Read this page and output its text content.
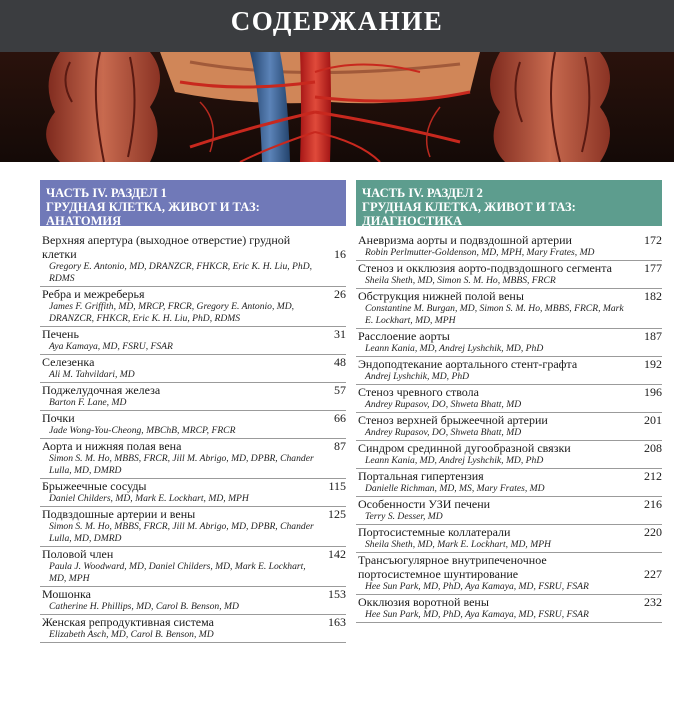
СОДЕРЖАНИЕ
ЧАСТЬ IV. РАЗДЕЛ 1
ГРУДНАЯ КЛЕТКА, ЖИВОТ И ТАЗ:
АНАТОМИЯ
Верхняя апертура (выходное отверстие) грудной клетки	16
Gregory E. Antonio, MD, DRANZCR, FHKCR, Eric K. H. Liu, PhD, RDMS
Ребра и межреберья	26
James F. Griffith, MD, MRCP, FRCR, Gregory E. Antonio, MD, DRANZCR, FHKCR, Eric K. H. Liu, PhD, RDMS
Печень	31
Aya Kamaya, MD, FSRU, FSAR
Селезенка	48
Ali M. Tahvildari, MD
Поджелудочная железа	57
Barton F. Lane, MD
Почки	66
Jade Wong-You-Cheong, MBChB, MRCP, FRCR
Аорта и нижняя полая вена	87
Simon S. M. Ho, MBBS, FRCR, Jill M. Abrigo, MD, DPBR, Chander Lulla, MD, DMRD
Брыжеечные сосуды	115
Daniel Childers, MD, Mark E. Lockhart, MD, MPH
Подвздошные артерии и вены	125
Simon S. M. Ho, MBBS, FRCR, Jill M. Abrigo, MD, DPBR, Chander Lulla, MD, DMRD
Половой член	142
Paula J. Woodward, MD, Daniel Childers, MD, Mark E. Lockhart, MD, MPH
Мошонка	153
Catherine H. Phillips, MD, Carol B. Benson, MD
Женская репродуктивная система	163
Elizabeth Asch, MD, Carol B. Benson, MD
ЧАСТЬ IV. РАЗДЕЛ 2
ГРУДНАЯ КЛЕТКА, ЖИВОТ И ТАЗ:
ДИАГНОСТИКА
Аневризма аорты и подвздошной артерии	172
Robin Perlmutter-Goldenson, MD, MPH, Mary Frates, MD
Стеноз и окклюзия аорто-подвздошного сегмента	177
Sheila Sheth, MD, Simon S. M. Ho, MBBS, FRCR
Обструкция нижней полой вены	182
Constantine M. Burgan, MD, Simon S. M. Ho, MBBS, FRCR, Mark E. Lockhart, MD, MPH
Расслоение аорты	187
Leann Kania, MD, Andrej Lyshchik, MD, PhD
Эндоподтекание аортального стент-графта	192
Andrej Lyshchik, MD, PhD
Стеноз чревного ствола	196
Andrey Rupasov, DO, Shweta Bhatt, MD
Стеноз верхней брыжеечной артерии	201
Andrey Rupasov, DO, Shweta Bhatt, MD
Синдром срединной дугообразной связки	208
Leann Kania, MD, Andrej Lyshchik, MD, PhD
Портальная гипертензия	212
Danielle Richman, MD, MS, Mary Frates, MD
Особенности УЗИ печени	216
Terry S. Desser, MD
Портосистемные коллатерали	220
Sheila Sheth, MD, Mark E. Lockhart, MD, MPH
Трансъюгулярное внутрипеченочное портосистемное шунтирование	227
Hee Sun Park, MD, PhD, Aya Kamaya, MD, FSRU, FSAR
Окклюзия воротной вены	232
Hee Sun Park, MD, PhD, Aya Kamaya, MD, FSRU, FSAR
